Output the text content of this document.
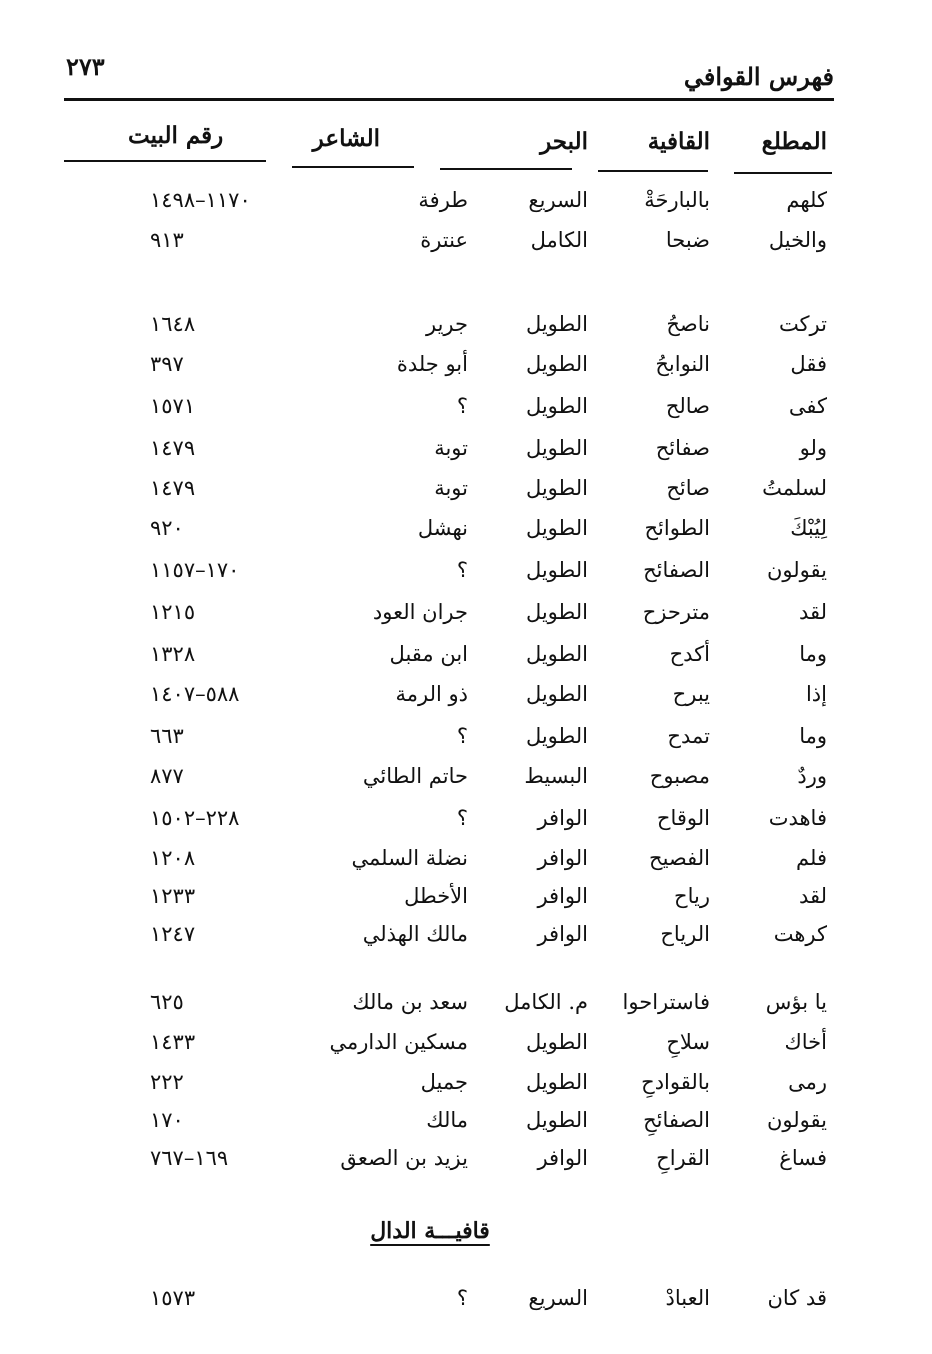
فهرس القوافي
٢٧٣
المطلع
القافية
البحر
الشاعر
رقم البيت
كلهم
بالبارحَةْ
السريع
طرفة
١١٧٠–١٤٩٨
والخيل
ضبحا
الكامل
عنترة
٩١٣
تركت
ناصحُ
الطويل
جرير
١٦٤٨
فقل
النوابحُ
الطويل
أبو جلدة
٣٩٧
كفى
صالح
الطويل
؟
١٥٧١
ولو
صفائح
الطويل
توبة
١٤٧٩
لسلمتُ
صائح
الطويل
توبة
١٤٧٩
لِيُبْكَ
الطوائح
الطويل
نهشل
٩٢٠
يقولون
الصفائح
الطويل
؟
١٧٠–١١٥٧
لقد
مترحزح
الطويل
جران العود
١٢١٥
وما
أكدح
الطويل
ابن مقبل
١٣٢٨
إذا
يبرح
الطويل
ذو الرمة
٥٨٨–١٤٠٧
وما
تمدح
الطويل
؟
٦٦٣
وردٌ
مصبوح
البسيط
حاتم الطائي
٨٧٧
فاهدت
الوقاح
الوافر
؟
٢٢٨–١٥٠٢
فلم
الفصيح
الوافر
نضلة السلمي
١٢٠٨
لقد
رياح
الوافر
الأخطل
١٢٣٣
كرهت
الرياح
الوافر
مالك الهذلي
١٢٤٧
يا بؤس
فاستراحوا
م. الكامل
سعد بن مالك
٦٢٥
أخاك
سلاحِ
الطويل
مسكين الدارمي
١٤٣٣
رمى
بالقوادحِ
الطويل
جميل
٢٢٢
يقولون
الصفائحِ
الطويل
مالك
١٧٠
فساغ
القراحِ
الوافر
يزيد بن الصعق
١٦٩–٧٦٧
قافيـــة الدال
قد كان
العبادْ
السريع
؟
١٥٧٣
